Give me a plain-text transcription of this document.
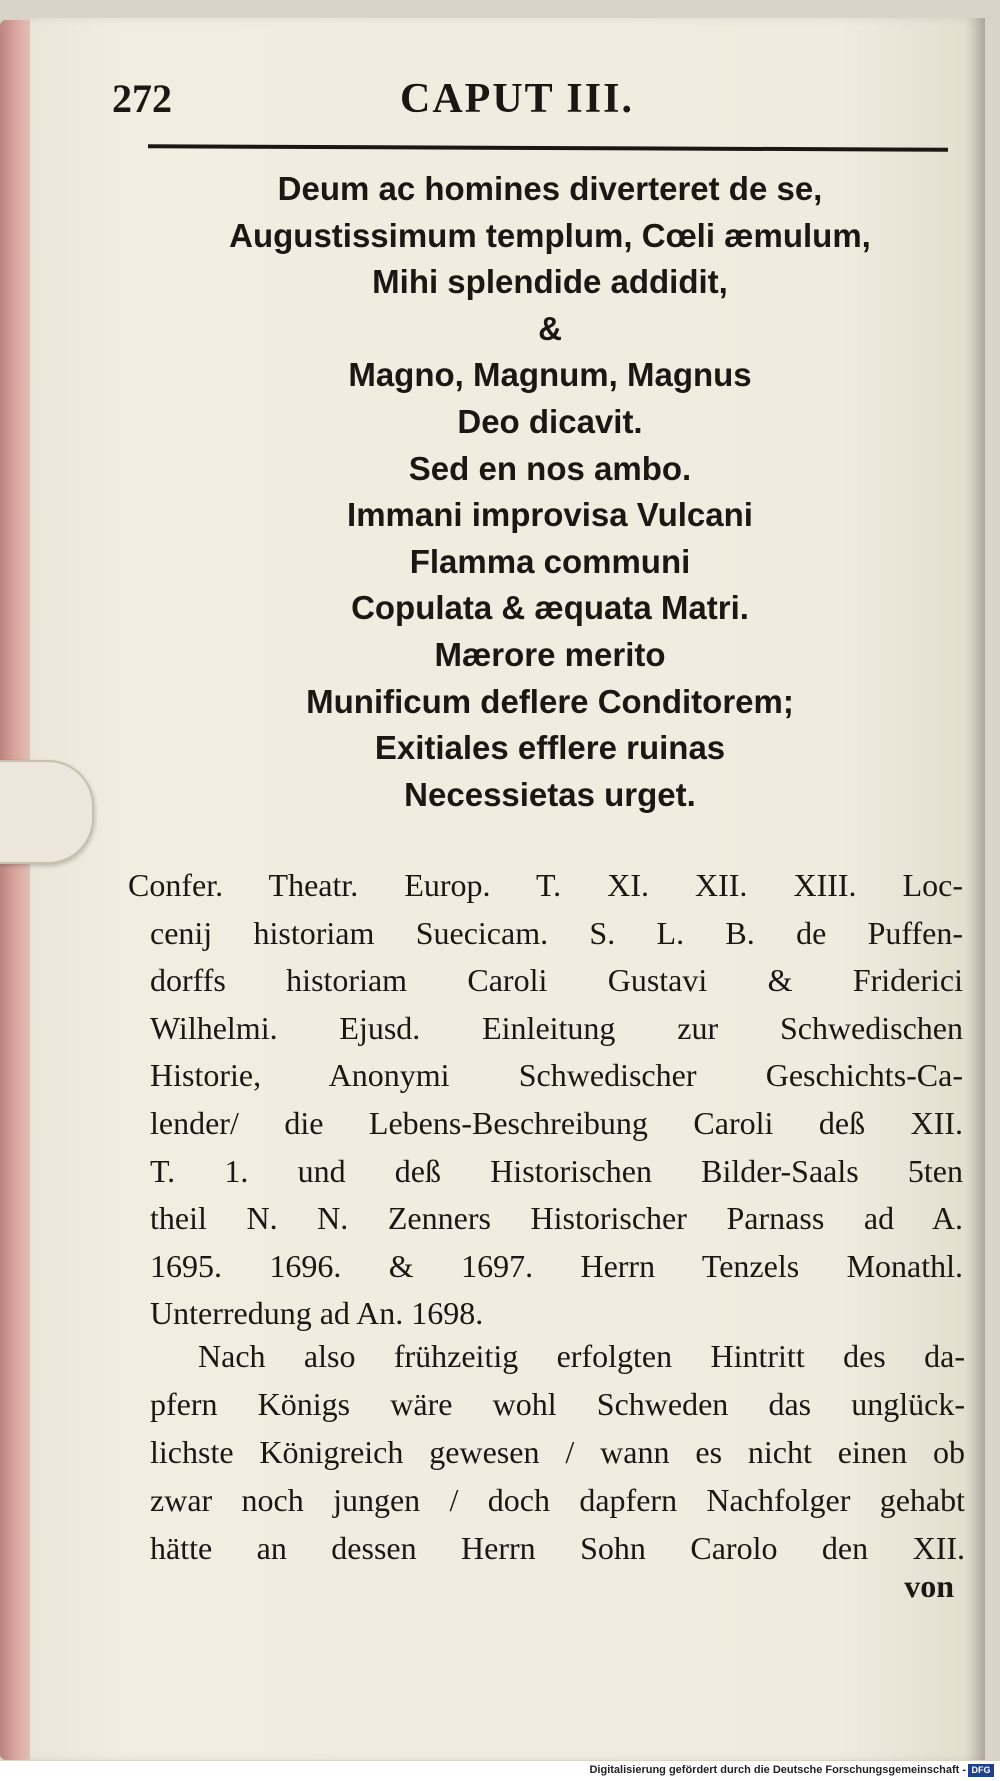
272	CAPUT III.
Deum ac homines diverteret de se,
Augustissimum templum, Cœli æmulum,
Mihi splendide addidit,
&
Magno, Magnum, Magnus
Deo dicavit.
Sed en nos ambo.
Immani improvisa Vulcani
Flamma communi
Copulata & æquata Matri.
Mærore merito
Munificum deflere Conditorem;
Exitiales efflere ruinas
Necessietas urget.
Confer. Theatr. Europ. T. XI. XII. XIII. Loc-
cenij historiam Suecicam. S. L. B. de Puffen-
dorffs historiam Caroli Gustavi & Friderici
Wilhelmi. Ejusd. Einleitung zur Schwedischen
Historie, Anonymi Schwedischer Geschichts-Ca-
lender/ die Lebens-Beschreibung Caroli deß XII.
T. 1. und deß Historischen Bilder-Saals 5ten
theil N. N. Zenners Historischer Parnass ad A.
1695. 1696. & 1697. Herrn Tenzels Monathl.
Unterredung ad An. 1698.
Nach also frühzeitig erfolgten Hintritt des da-
pfern Königs wäre wohl Schweden das unglück-
lichste Königreich gewesen / wann es nicht einen ob
zwar noch jungen / doch dapfern Nachfolger gehabt
hätte an dessen Herrn Sohn Carolo den XII.
von
Digitalisierung gefördert durch die Deutsche Forschungsgemeinschaft - DFG
